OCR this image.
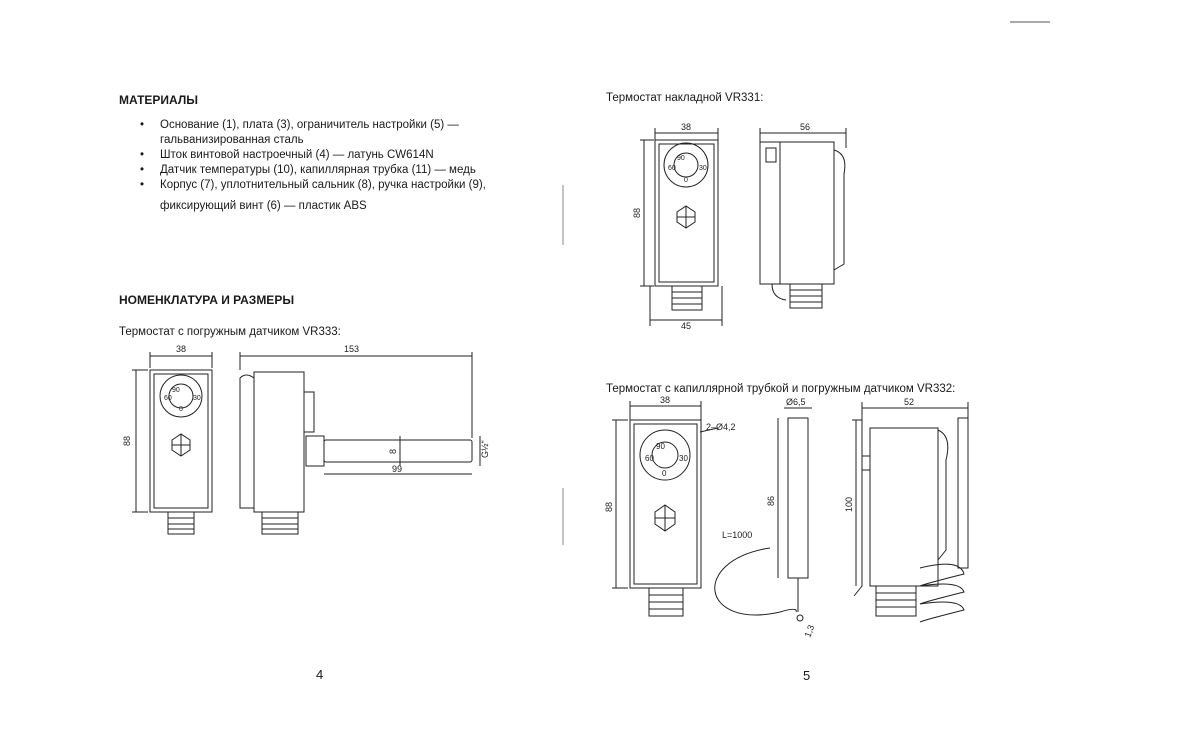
МАТЕРИАЛЫ
• Основание (1), плата (3), ограничитель настройки (5) —
гальванизированная сталь
• Шток винтовой настроечный (4) — латунь CW614N
• Датчик температуры (10), капиллярная трубка (11) — медь
• Корпус (7), уплотнительный сальник (8), ручка настройки (9),
фиксирующий винт (6) — пластик ABS
НОМЕНКЛАТУРА И РАЗМЕРЫ
Термостат с погружным датчиком VR333:
4
Термостат накладной VR331:
Термостат с капиллярной трубкой и погружным датчиком VR332:
5
38	153
88
8
99
G½"
90
60	30
0
38	56
88
45
90
60	30
0
38
2–Ø4,2
Ø6,5	52
88
86	100
L=1000
1,3
90
60	30
0
